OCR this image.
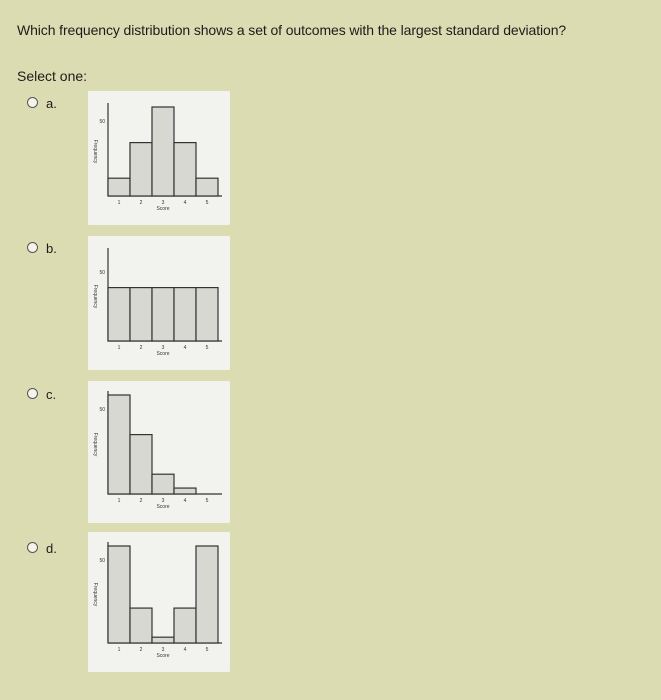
Which frequency distribution shows a set of outcomes with the largest standard deviation?
Select one:
a.
50
Frequency
1	2	3	4	5
Score
b.
50
Frequency
1	2	3	4	5
Score
c.
50
Frequency
1	2	3	4	5
Score
d.
50
Frequency
1	2	3	4	5
Score
